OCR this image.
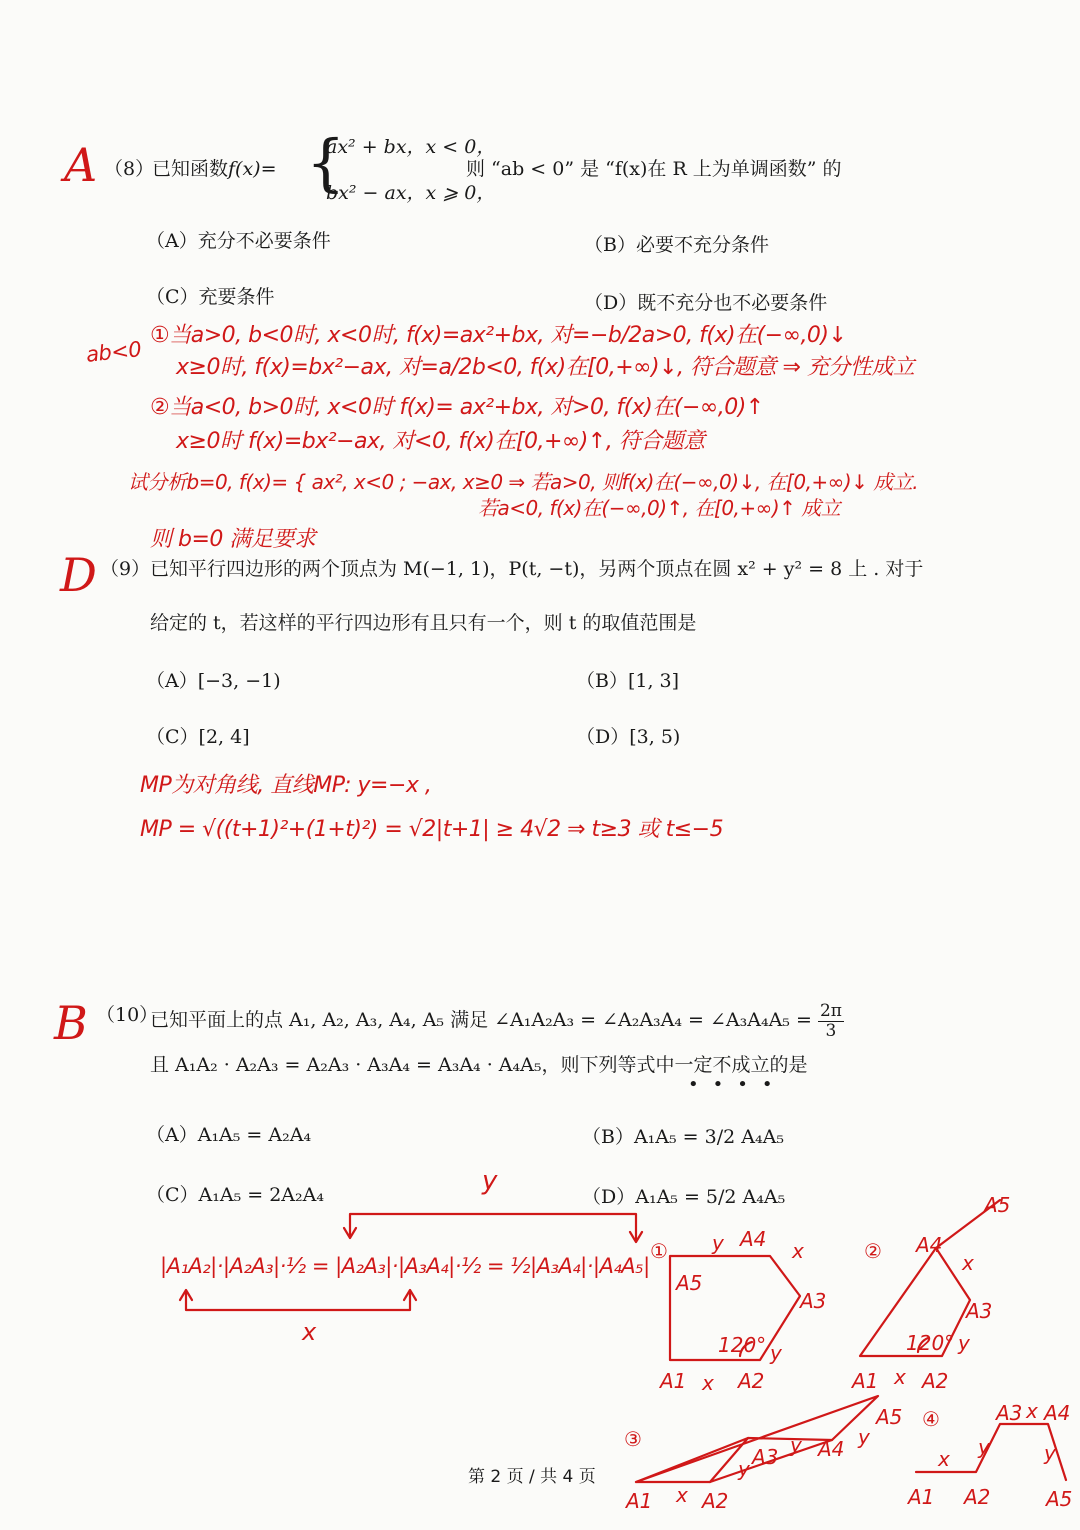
A （8）
已知函数f(x)= {
ax² + bx，x < 0，
bx² − ax，x ⩾ 0，
则 “ab < 0” 是 “f(x)在 R 上为单调函数” 的
（A）充分不必要条件	（B）必要不充分条件
（C）充要条件	（D）既不充分也不必要条件
ab<0
①当a>0, b<0时, x<0时, f(x)=ax²+bx, 对=−b/2a>0, f(x)在(−∞,0)↓
x≥0时, f(x)=bx²−ax, 对=a/2b<0, f(x)在[0,+∞)↓, 符合题意 ⇒ 充分性成立
②当a<0, b>0时, x<0时 f(x)= ax²+bx, 对>0, f(x)在(−∞,0)↑
x≥0时 f(x)=bx²−ax, 对<0, f(x)在[0,+∞)↑, 符合题意
试分析b=0, f(x)= { ax², x<0 ; −ax, x≥0 ⇒ 若a>0, 则f(x)在(−∞,0)↓, 在[0,+∞)↓ 成立.
若a<0, f(x)在(−∞,0)↑, 在[0,+∞)↑ 成立
则 b=0 满足要求
D （9） 已知平行四边形的两个顶点为 M(−1, 1)，P(t, −t)，另两个顶点在圆 x² + y² = 8 上 . 对于
给定的 t，若这样的平行四边形有且只有一个，则 t 的取值范围是
（A）[−3, −1)	（B）[1, 3]
（C）[2, 4]	（D）[3, 5)
MP为对角线, 直线MP: y=−x ,
MP = √((t+1)²+(1+t)²) = √2|t+1| ≥ 4√2 ⇒ t≥3 或 t≤−5
B （10）
已知平面上的点 A₁, A₂, A₃, A₄, A₅ 满足 ∠A₁A₂A₃ = ∠A₂A₃A₄ = ∠A₃A₄A₅ = $\frac{2\pi}{3}$
且 A₁A₂ · A₂A₃ = A₂A₃ · A₃A₄ = A₃A₄ · A₄A₅，则下列等式中一定不成立的是
••••
（A）A₁A₅ = A₂A₄	（B）A₁A₅ = 3/2 A₄A₅
（C）A₁A₅ = 2A₂A₄	（D）A₁A₅ = 5/2 A₄A₅
|A₁A₂|·|A₂A₃|·½ = |A₂A₃|·|A₃A₄|·½ = ½|A₃A₄|·|A₄A₅|
y
x
①
A5
A4
A3
A1	A2
y	x
x
y
120°
②
A5
A4
A3
A1 A2
x
x
y
120°
③
A1 A2
A3 A4
A5
x
y	y
y
④
A1 A2
A3 A4
A5
x
x
y	y
第 2 页 / 共 4 页
